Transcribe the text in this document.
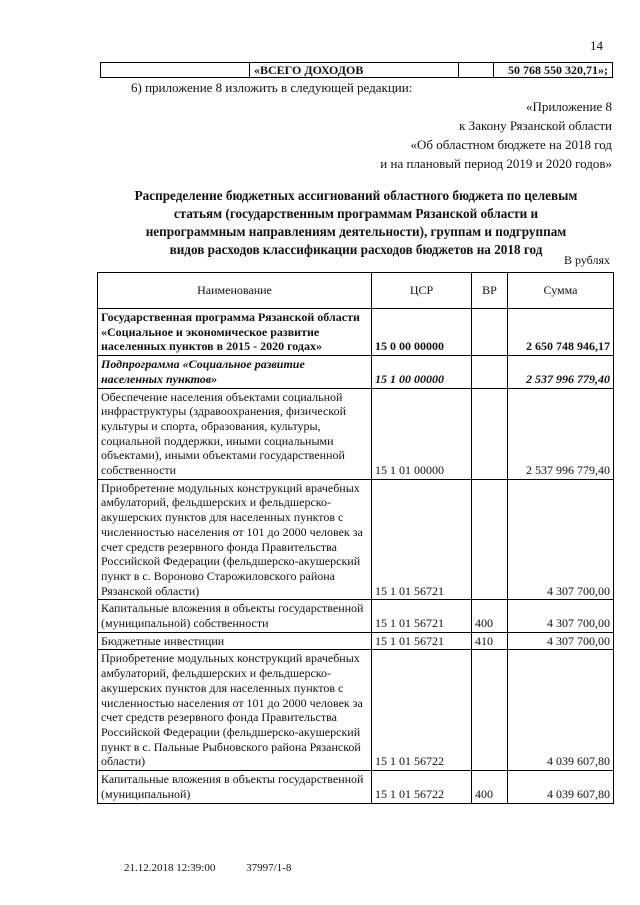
14
	«ВСЕГО ДОХОДОВ		50 768 550 320,71»;
6) приложение 8 изложить в следующей редакции:
«Приложение 8
к Закону Рязанской области
«Об областном бюджете на 2018 год
и на плановый период 2019 и 2020 годов»
Распределение бюджетных ассигнований областного бюджета по целевым
статьям (государственным программам Рязанской области и
непрограммным направлениям деятельности), группам и подгруппам
видов расходов классификации расходов бюджетов на 2018 год
В рублях
Наименование	ЦСР	ВР	Сумма
Государственная программа Рязанской области «Социальное и экономическое развитие населенных пунктов в 2015 - 2020 годах»	15 0 00 00000		2 650 748 946,17
Подпрограмма «Социальное развитие населенных пунктов»	15 1 00 00000		2 537 996 779,40
Обеспечение населения объектами социальной инфраструктуры (здравоохранения, физической культуры и спорта, образования, культуры, социальной поддержки, иными социальными объектами), иными объектами государственной собственности	15 1 01 00000		2 537 996 779,40
Приобретение модульных конструкций врачебных амбулаторий, фельдшерских и фельдшерско-акушерских пунктов для населенных пунктов с численностью населения от 101 до 2000 человек за счет средств резервного фонда Правительства Российской Федерации (фельдшерско-акушерский пункт в с. Вороново Старожиловского района Рязанской области)	15 1 01 56721		4 307 700,00
Капитальные вложения в объекты государственной (муниципальной) собственности	15 1 01 56721	400	4 307 700,00
Бюджетные инвестиции	15 1 01 56721	410	4 307 700,00
Приобретение модульных конструкций врачебных амбулаторий, фельдшерских и фельдшерско-акушерских пунктов для населенных пунктов с численностью населения от 101 до 2000 человек за счет средств резервного фонда Правительства Российской Федерации (фельдшерско-акушерский пункт в с. Пальные Рыбновского района Рязанской области)	15 1 01 56722		4 039 607,80
Капитальные вложения в объекты государственной (муниципальной)	15 1 01 56722	400	4 039 607,80
21.12.2018 12:39:00	37997/1-8
